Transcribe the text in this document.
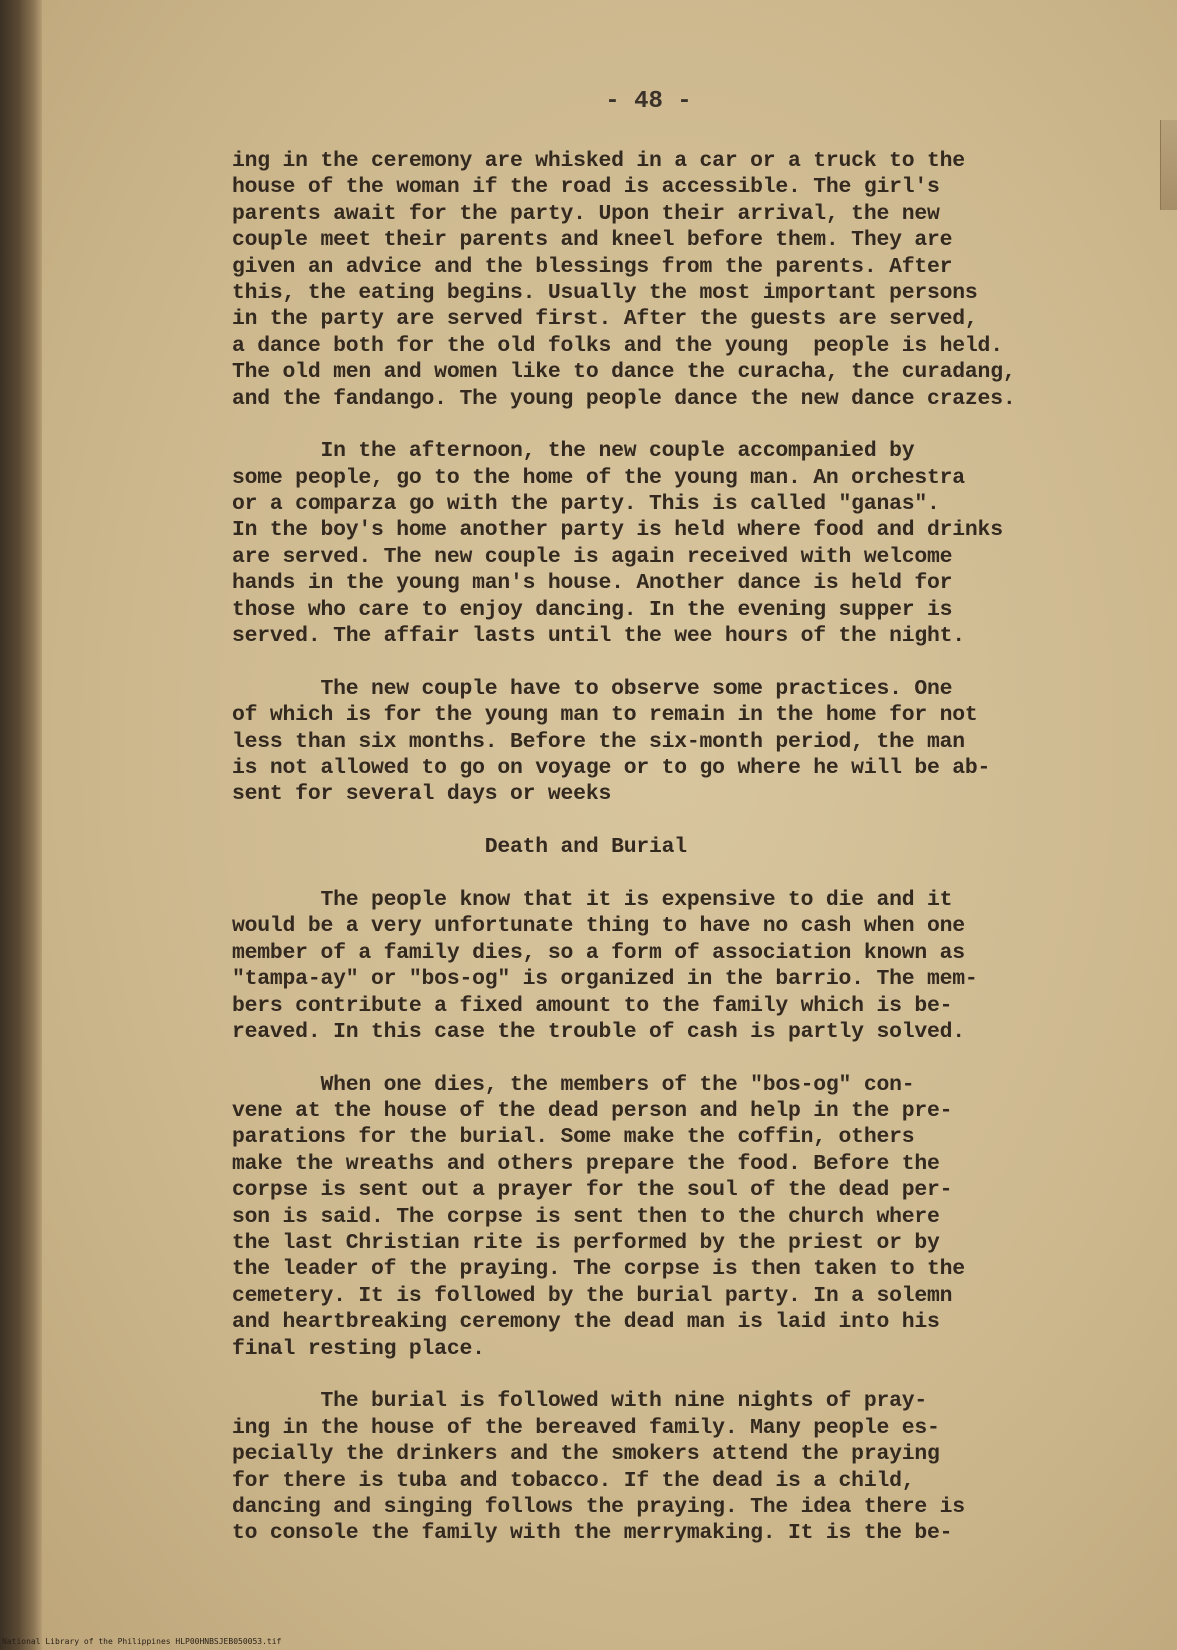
- 48 -
ing in the ceremony are whisked in a car or a truck to the
house of the woman if the road is accessible. The girl's
parents await for the party. Upon their arrival, the new
couple meet their parents and kneel before them. They are
given an advice and the blessings from the parents. After
this, the eating begins. Usually the most important persons
in the party are served first. After the guests are served,
a dance both for the old folks and the young  people is held.
The old men and women like to dance the curacha, the curadang,
and the fandango. The young people dance the new dance crazes.
In the afternoon, the new couple accompanied by
some people, go to the home of the young man. An orchestra
or a comparza go with the party. This is called "ganas".
In the boy's home another party is held where food and drinks
are served. The new couple is again received with welcome
hands in the young man's house. Another dance is held for
those who care to enjoy dancing. In the evening supper is
served. The affair lasts until the wee hours of the night.
The new couple have to observe some practices. One
of which is for the young man to remain in the home for not
less than six months. Before the six-month period, the man
is not allowed to go on voyage or to go where he will be ab-
sent for several days or weeks
Death and Burial
The people know that it is expensive to die and it
would be a very unfortunate thing to have no cash when one
member of a family dies, so a form of association known as
"tampa-ay" or "bos-og" is organized in the barrio. The mem-
bers contribute a fixed amount to the family which is be-
reaved. In this case the trouble of cash is partly solved.
When one dies, the members of the "bos-og" con-
vene at the house of the dead person and help in the pre-
parations for the burial. Some make the coffin, others
make the wreaths and others prepare the food. Before the
corpse is sent out a prayer for the soul of the dead per-
son is said. The corpse is sent then to the church where
the last Christian rite is performed by the priest or by
the leader of the praying. The corpse is then taken to the
cemetery. It is followed by the burial party. In a solemn
and heartbreaking ceremony the dead man is laid into his
final resting place.
The burial is followed with nine nights of pray-
ing in the house of the bereaved family. Many people es-
pecially the drinkers and the smokers attend the praying
for there is tuba and tobacco. If the dead is a child,
dancing and singing follows the praying. The idea there is
to console the family with the merrymaking. It is the be-
National Library of the Philippines HLP00HNBSJEB050053.tif
